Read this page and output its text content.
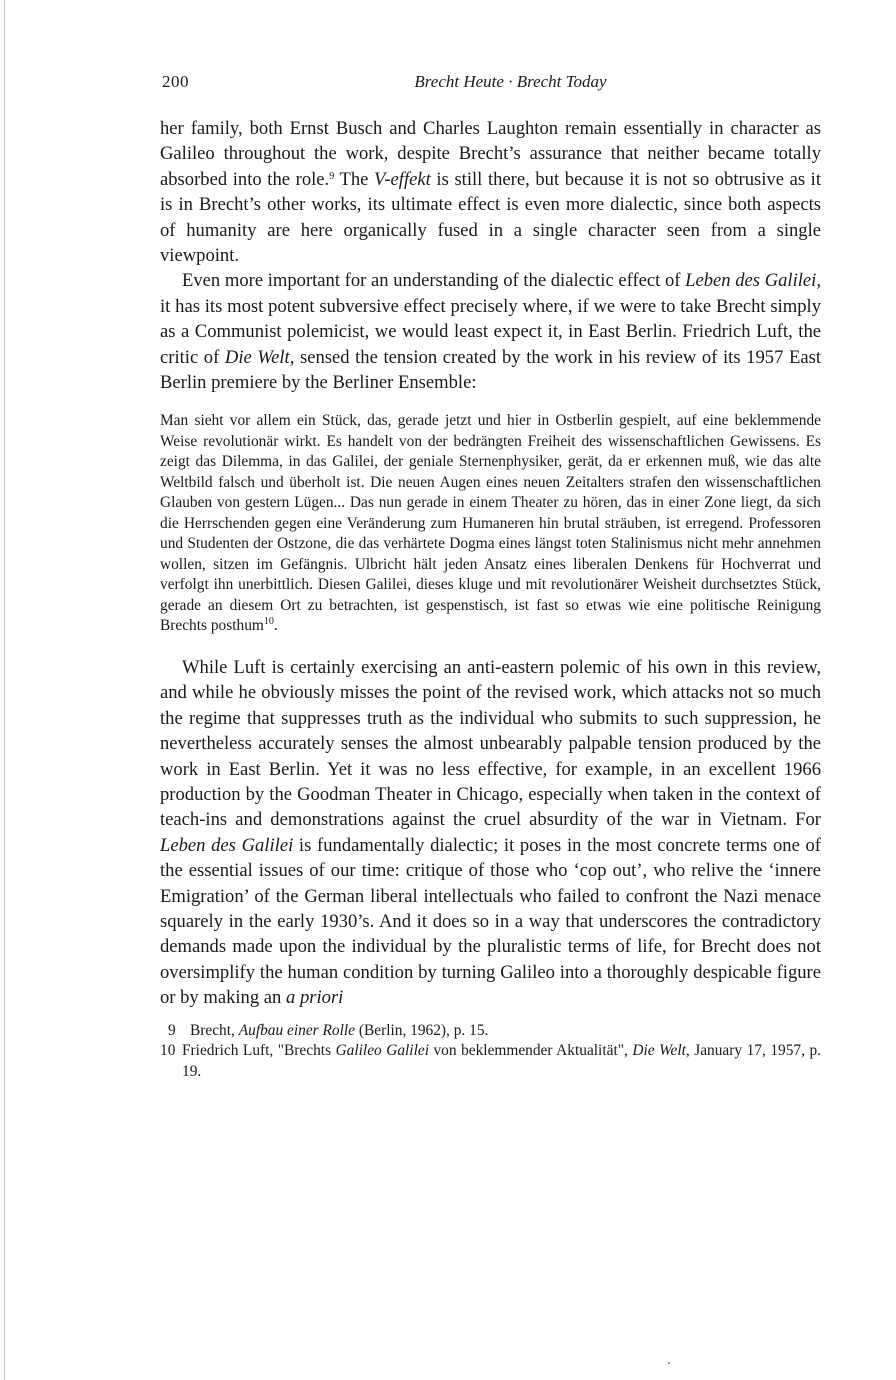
200	Brecht Heute · Brecht Today

her family, both Ernst Busch and Charles Laughton remain essentially in character as Galileo throughout the work, despite Brecht’s assurance that neither became totally absorbed into the role.$^9$ The V-effekt is still there, but because it is not so obtrusive as it is in Brecht’s other works, its ultimate effect is even more dialectic, since both aspects of humanity are here organically fused in a single character seen from a single viewpoint.

Even more important for an understanding of the dialectic effect of Leben des Galilei, it has its most potent subversive effect precisely where, if we were to take Brecht simply as a Communist polemicist, we would least expect it, in East Berlin. Friedrich Luft, the critic of Die Welt, sensed the tension created by the work in his review of its 1957 East Berlin premiere by the Berliner Ensemble:

Man sieht vor allem ein Stück, das, gerade jetzt und hier in Ostberlin gespielt, auf eine beklemmende Weise revolutionär wirkt. Es handelt von der bedrängten Freiheit des wissenschaftlichen Gewissens. Es zeigt das Dilemma, in das Galilei, der geniale Sternenphysiker, gerät, da er erkennen muß, wie das alte Weltbild falsch und überholt ist. Die neuen Augen eines neuen Zeitalters strafen den wissenschaftlichen Glauben von gestern Lügen... Das nun gerade in einem Theater zu hören, das in einer Zone liegt, da sich die Herrschenden gegen eine Veränderung zum Humaneren hin brutal sträuben, ist erregend. Professoren und Studenten der Ostzone, die das verhärtete Dogma eines längst toten Stalinismus nicht mehr annehmen wollen, sitzen im Gefängnis. Ulbricht hält jeden Ansatz eines liberalen Denkens für Hochverrat und verfolgt ihn unerbittlich. Diesen Galilei, dieses kluge und mit revolutionärer Weisheit durchsetztes Stück, gerade an diesem Ort zu betrachten, ist gespenstisch, ist fast so etwas wie eine politische Reinigung Brechts posthum$^{10}$.

While Luft is certainly exercising an anti-eastern polemic of his own in this review, and while he obviously misses the point of the revised work, which attacks not so much the regime that suppresses truth as the individual who submits to such suppression, he nevertheless accurately senses the almost unbearably palpable tension produced by the work in East Berlin. Yet it was no less effective, for example, in an excellent 1966 production by the Goodman Theater in Chicago, especially when taken in the context of teach-ins and demonstrations against the cruel absurdity of the war in Vietnam. For Leben des Galilei is fundamentally dialectic; it poses in the most concrete terms one of the essential issues of our time: critique of those who ‘cop out’, who relive the ‘innere Emigration’ of the German liberal intellectuals who failed to confront the Nazi menace squarely in the early 1930’s. And it does so in a way that underscores the contradictory demands made upon the individual by the pluralistic terms of life, for Brecht does not oversimplify the human condition by turning Galileo into a thoroughly despicable figure or by making an a priori

9 Brecht, Aufbau einer Rolle (Berlin, 1962), p. 15.

10 Friedrich Luft, "Brechts Galileo Galilei von beklemmender Aktualität", Die Welt, January 17, 1957, p. 19.
